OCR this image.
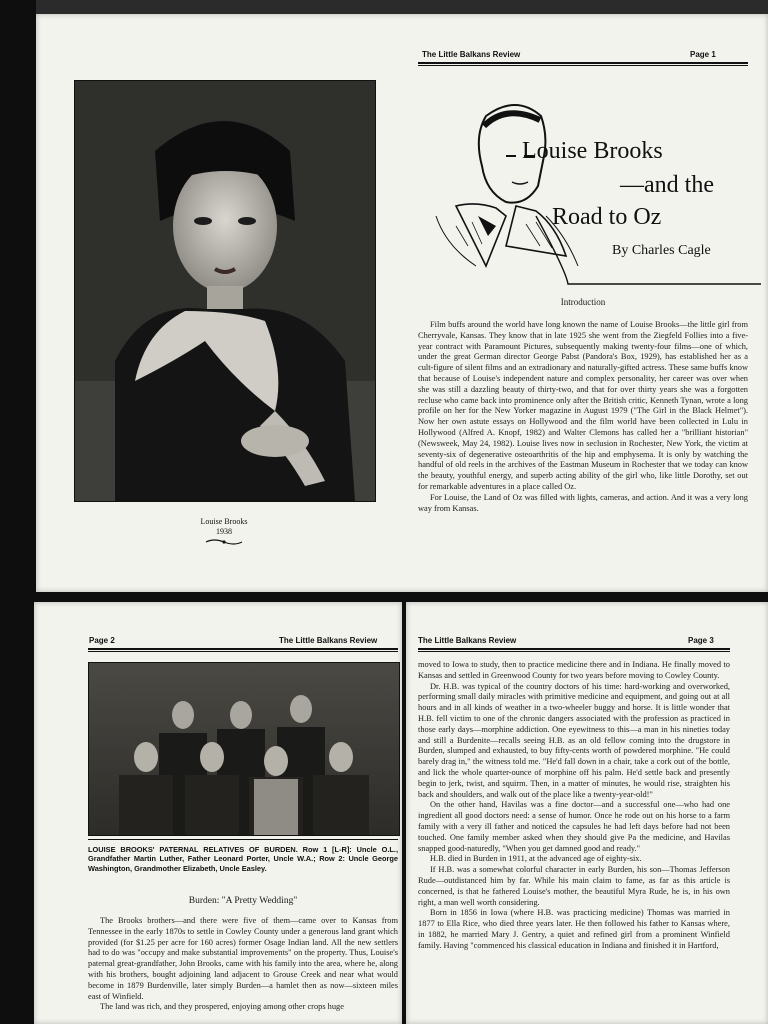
The Little Balkans Review	Page 1
Louise Brooks
1938
Louise Brooks
—and the
Road to Oz
By Charles Cagle
Introduction

Film buffs around the world have long known the name of Louise Brooks—the little girl from Cherryvale, Kansas. They know that in late 1925 she went from the Ziegfeld Follies into a five-year contract with Paramount Pictures, subsequently making twenty-four films—one of which, under the great German director George Pabst (Pandora's Box, 1929), has established her as a cult-figure of silent films and an extradionary and naturally-gifted actress. These same buffs know that because of Louise's independent nature and complex personality, her career was over when she was still a dazzling beauty of thirty-two, and that for over thirty years she was a forgotten recluse who came back into prominence only after the British critic, Kenneth Tynan, wrote a long profile on her for the New Yorker magazine in August 1979 ("The Girl in the Black Helmet"). Now her own astute essays on Hollywood and the film world have been collected in Lulu in Hollywood (Alfred A. Knopf, 1982) and Walter Clemons has called her a "brilliant historian" (Newsweek, May 24, 1982). Louise lives now in seclusion in Rochester, New York, the victim at seventy-six of degenerative osteoarthritis of the hip and emphysema. It is only by watching the handful of old reels in the archives of the Eastman Museum in Rochester that we today can know the beauty, youthful energy, and superb acting ability of the girl who, like little Dorothy, set out for remarkable adventures in a place called Oz.

For Louise, the Land of Oz was filled with lights, cameras, and action. And it was a very long way from Kansas.

Page 2	The Little Balkans Review
LOUISE BROOKS' PATERNAL RELATIVES OF BURDEN. Row 1 [L-R]: Uncle O.L., Grandfather Martin Luther, Father Leonard Porter, Uncle W.A.; Row 2: Uncle George Washington, Grandmother Elizabeth, Uncle Easley.
Burden: "A Pretty Wedding"

The Brooks brothers—and there were five of them—came over to Kansas from Tennessee in the early 1870s to settle in Cowley County under a generous land grant which provided (for $1.25 per acre for 160 acres) former Osage Indian land. All the new settlers had to do was "occupy and make substantial improvements" on the property. Thus, Louise's paternal great-grandfather, John Brooks, came with his family into the area, where he, along with his brothers, bought adjoining land adjacent to Grouse Creek and near what would become in 1879 Burdenville, later simply Burden—a hamlet then as now—sixteen miles east of Winfield.

The land was rich, and they prospered, enjoying among other crops huge

The Little Balkans Review	Page 3

moved to Iowa to study, then to practice medicine there and in Indiana. He finally moved to Kansas and settled in Greenwood County for two years before moving to Cowley County.

Dr. H.B. was typical of the country doctors of his time: hard-working and overworked, performing small daily miracles with primitive medicine and equipment, and going out at all hours and in all kinds of weather in a two-wheeler buggy and horse. It is little wonder that H.B. fell victim to one of the chronic dangers associated with the profession as practiced in those early days—morphine addiction. One eyewitness to this—a man in his nineties today and still a Burdenite—recalls seeing H.B. as an old fellow coming into the drugstore in Burden, slumped and exhausted, to buy fifty-cents worth of powdered morphine. "He could barely drag in," the witness told me. "He'd fall down in a chair, take a cork out of the bottle, and lick the whole quarter-ounce of morphine off his palm. He'd settle back and presently begin to jerk, twist, and squirm. Then, in a matter of minutes, he would rise, straighten his back and shoulders, and walk out of the place like a twenty-year-old!"

On the other hand, Havilas was a fine doctor—and a successful one—who had one ingredient all good doctors need: a sense of humor. Once he rode out on his horse to a farm family with a very ill father and noticed the capsules he had left days before had not been touched. One family member asked when they should give Pa the medicine, and Havilas snapped good-naturedly, "When you get damned good and ready."

H.B. died in Burden in 1911, at the advanced age of eighty-six.

If H.B. was a somewhat colorful character in early Burden, his son—Thomas Jefferson Rude—outdistanced him by far. While his main claim to fame, as far as this article is concerned, is that he fathered Louise's mother, the beautiful Myra Rude, he is, in his own right, a man well worth considering.

Born in 1856 in Iowa (where H.B. was practicing medicine) Thomas was married in 1877 to Ella Rice, who died three years later. He then followed his father to Kansas where, in 1882, he married Mary J. Gentry, a quiet and refined girl from a prominent Winfield family. Having "commenced his classical education in Indiana and finished it in Hartford,
